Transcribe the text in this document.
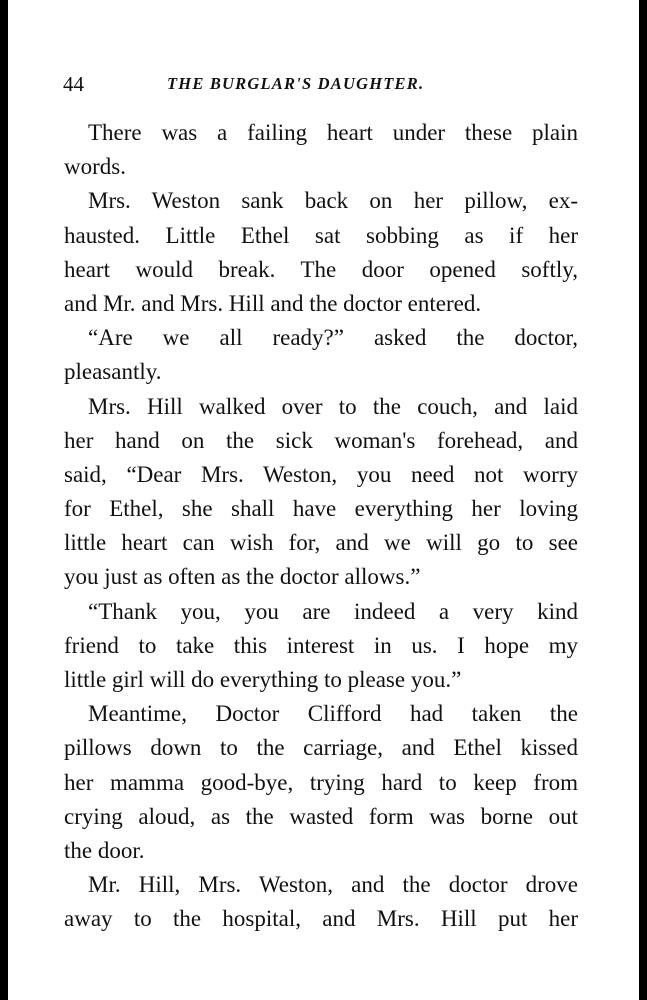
44	THE BURGLAR'S DAUGHTER.
There was a failing heart under these plain
words.
Mrs. Weston sank back on her pillow, ex-
hausted. Little Ethel sat sobbing as if her
heart would break. The door opened softly,
and Mr. and Mrs. Hill and the doctor entered.
“Are we all ready?” asked the doctor,
pleasantly.
Mrs. Hill walked over to the couch, and laid
her hand on the sick woman's forehead, and
said, “Dear Mrs. Weston, you need not worry
for Ethel, she shall have everything her loving
little heart can wish for, and we will go to see
you just as often as the doctor allows.”
“Thank you, you are indeed a very kind
friend to take this interest in us. I hope my
little girl will do everything to please you.”
Meantime, Doctor Clifford had taken the
pillows down to the carriage, and Ethel kissed
her mamma good-bye, trying hard to keep from
crying aloud, as the wasted form was borne out
the door.
Mr. Hill, Mrs. Weston, and the doctor drove
away to the hospital, and Mrs. Hill put her
